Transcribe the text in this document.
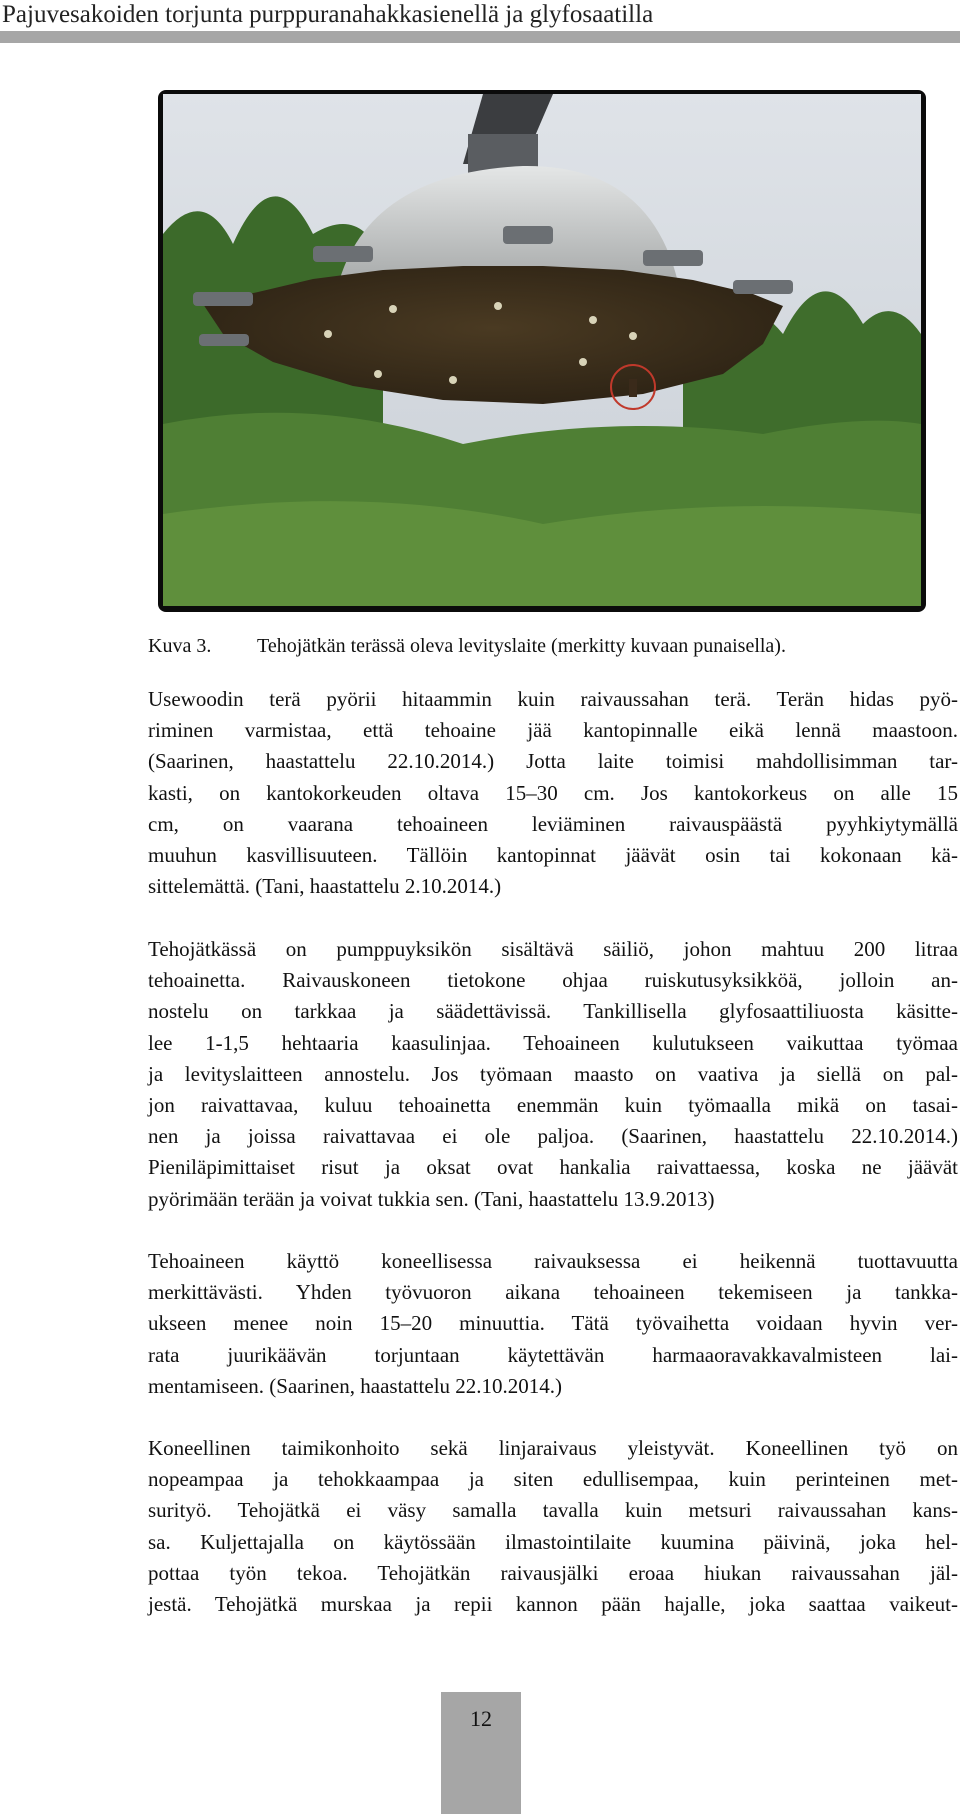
Pajuvesakoiden torjunta purppuranahakkasienellä ja glyfosaatilla
Kuva 3. Tehojätkän terässä oleva levityslaite (merkitty kuvaan punaisella).

Usewoodin terä pyörii hitaammin kuin raivaussahan terä. Terän hidas pyö-
riminen varmistaa, että tehoaine jää kantopinnalle eikä lennä maastoon.
(Saarinen, haastattelu 22.10.2014.) Jotta laite toimisi mahdollisimman tar-
kasti, on kantokorkeuden oltava 15–30 cm. Jos kantokorkeus on alle 15
cm, on vaarana tehoaineen leviäminen raivauspäästä pyyhkiytymällä
muuhun kasvillisuuteen. Tällöin kantopinnat jäävät osin tai kokonaan kä-
sittelemättä. (Tani, haastattelu 2.10.2014.)

Tehojätkässä on pumppuyksikön sisältävä säiliö, johon mahtuu 200 litraa
tehoainetta. Raivauskoneen tietokone ohjaa ruiskutusyksikköä, jolloin an-
nostelu on tarkkaa ja säädettävissä. Tankillisella glyfosaattiliuosta käsitte-
lee 1-1,5 hehtaaria kaasulinjaa. Tehoaineen kulutukseen vaikuttaa työmaa
ja levityslaitteen annostelu. Jos työmaan maasto on vaativa ja siellä on pal-
jon raivattavaa, kuluu tehoainetta enemmän kuin työmaalla mikä on tasai-
nen ja joissa raivattavaa ei ole paljoa. (Saarinen, haastattelu 22.10.2014.)
Pieniläpimittaiset risut ja oksat ovat hankalia raivattaessa, koska ne jäävät
pyörimään terään ja voivat tukkia sen. (Tani, haastattelu 13.9.2013)

Tehoaineen käyttö koneellisessa raivauksessa ei heikennä tuottavuutta
merkittävästi. Yhden työvuoron aikana tehoaineen tekemiseen ja tankka-
ukseen menee noin 15–20 minuuttia. Tätä työvaihetta voidaan hyvin ver-
rata juurikäävän torjuntaan käytettävän harmaaoravakkavalmisteen lai-
mentamiseen. (Saarinen, haastattelu 22.10.2014.)

Koneellinen taimikonhoito sekä linjaraivaus yleistyvät. Koneellinen työ on
nopeampaa ja tehokkaampaa ja siten edullisempaa, kuin perinteinen met-
surityö. Tehojätkä ei väsy samalla tavalla kuin metsuri raivaussahan kans-
sa. Kuljettajalla on käytössään ilmastointilaite kuumina päivinä, joka hel-
pottaa työn tekoa. Tehojätkän raivausjälki eroaa hiukan raivaussahan jäl-
jestä. Tehojätkä murskaa ja repii kannon pään hajalle, joka saattaa vaikeut-

12
